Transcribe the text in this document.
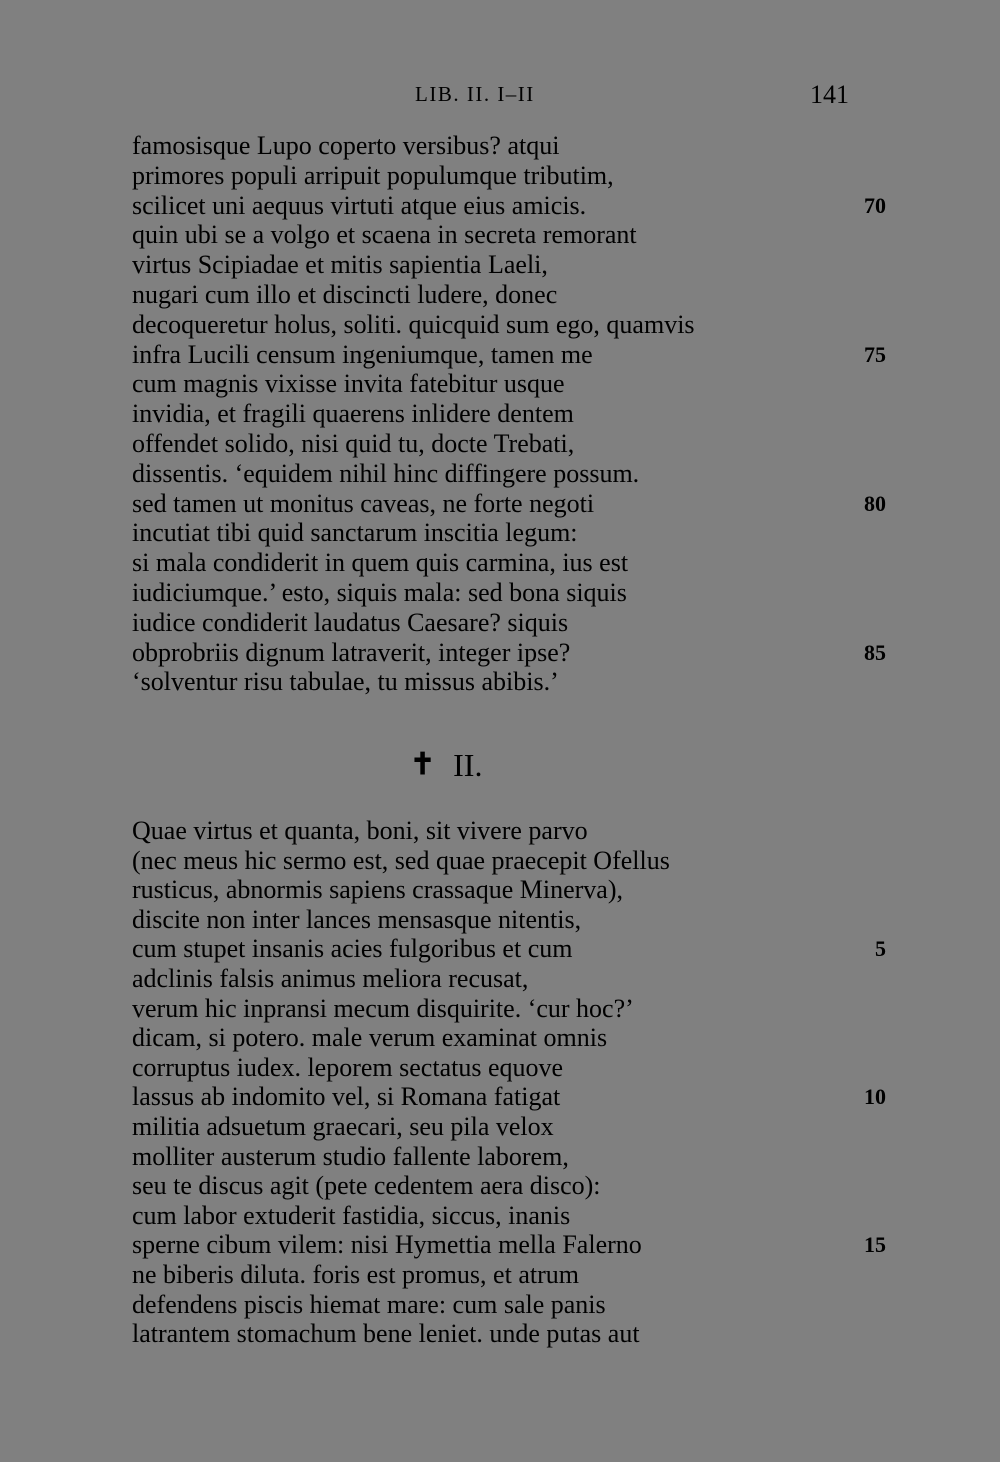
LIB. II. I–II	141
famosisque Lupo coperto versibus? atqui
primores populi arripuit populumque tributim,
scilicet uni aequus virtuti atque eius amicis.
quin ubi se a volgo et scaena in secreta remorant
virtus Scipiadae et mitis sapientia Laeli,
nugari cum illo et discincti ludere, donec
decoqueretur holus, soliti. quicquid sum ego, quamvis
infra Lucili censum ingeniumque, tamen me
cum magnis vixisse invita fatebitur usque
invidia, et fragili quaerens inlidere dentem
offendet solido, nisi quid tu, docte Trebati,
dissentis. ‘equidem nihil hinc diffingere possum.
sed tamen ut monitus caveas, ne forte negoti
incutiat tibi quid sanctarum inscitia legum:
si mala condiderit in quem quis carmina, ius est
iudiciumque.’ esto, siquis mala: sed bona siquis
iudice condiderit laudatus Caesare? siquis
obprobriis dignum latraverit, integer ipse?
‘solventur risu tabulae, tu missus abibis.’
70
75
80
85
✝ II.
Quae virtus et quanta, boni, sit vivere parvo
(nec meus hic sermo est, sed quae praecepit Ofellus
rusticus, abnormis sapiens crassaque Minerva),
discite non inter lances mensasque nitentis,
cum stupet insanis acies fulgoribus et cum
adclinis falsis animus meliora recusat,
verum hic inpransi mecum disquirite. ‘cur hoc?’
dicam, si potero. male verum examinat omnis
corruptus iudex. leporem sectatus equove
lassus ab indomito vel, si Romana fatigat
militia adsuetum graecari, seu pila velox
molliter austerum studio fallente laborem,
seu te discus agit (pete cedentem aera disco):
cum labor extuderit fastidia, siccus, inanis
sperne cibum vilem: nisi Hymettia mella Falerno
ne biberis diluta. foris est promus, et atrum
defendens piscis hiemat mare: cum sale panis
latrantem stomachum bene leniet. unde putas aut
5
10
15
